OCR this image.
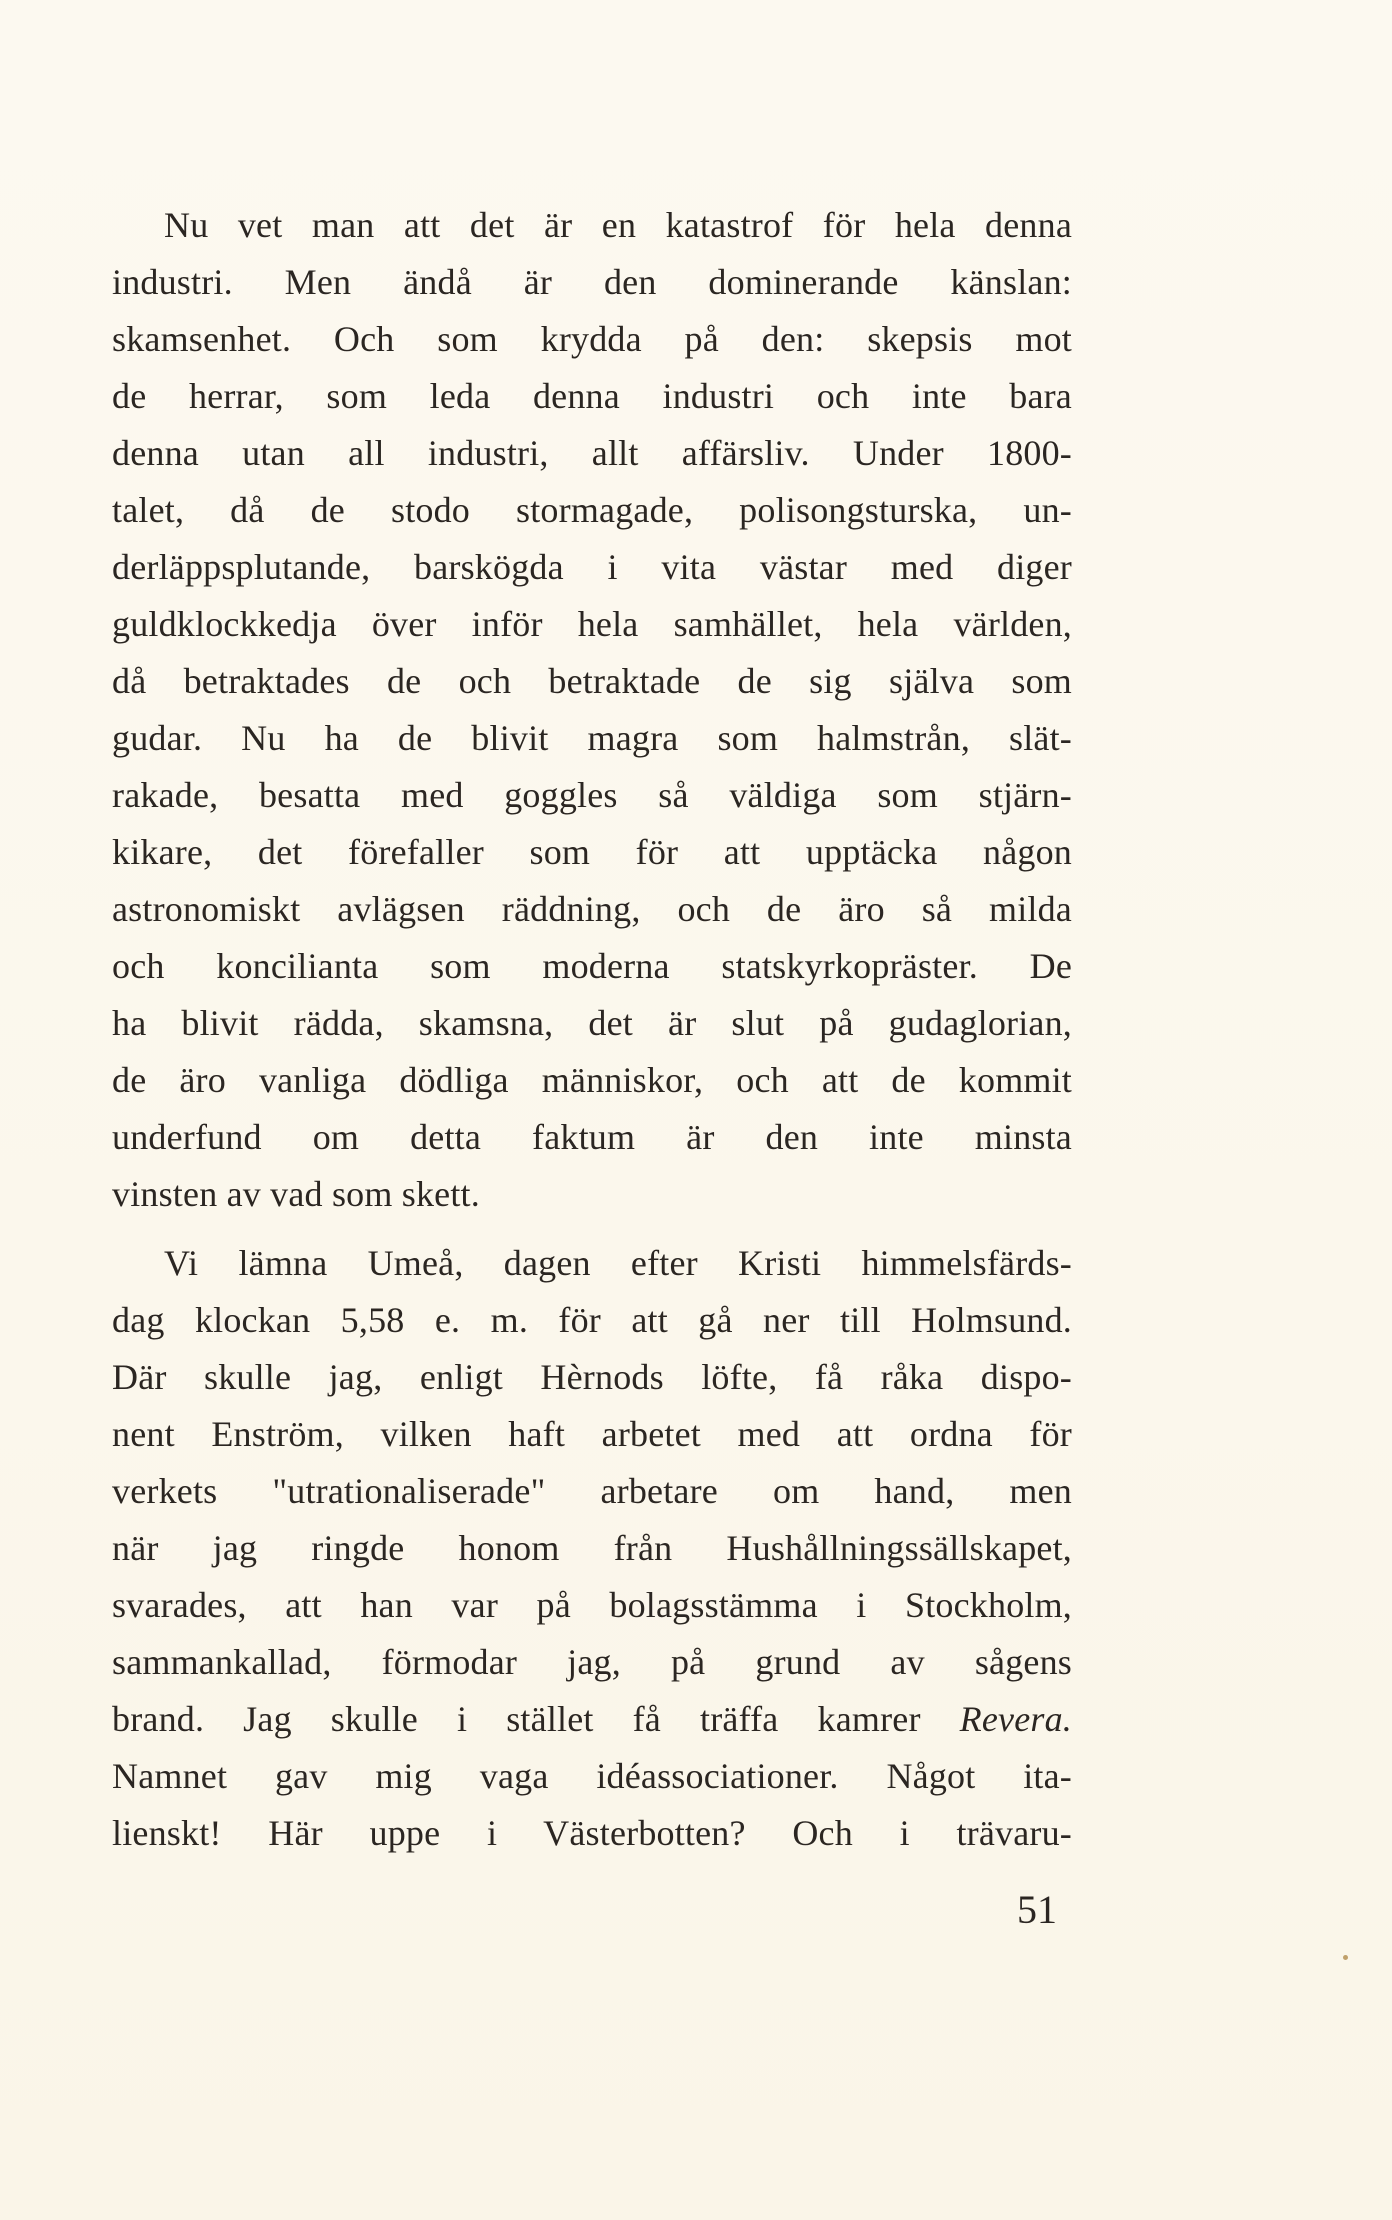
Nu vet man att det är en katastrof för hela denna
industri. Men ändå är den dominerande känslan:
skamsenhet. Och som krydda på den: skepsis mot
de herrar, som leda denna industri och inte bara
denna utan all industri, allt affärsliv. Under 1800-
talet, då de stodo stormagade, polisongsturska, un-
derläppsplutande, barskögda i vita västar med diger
guldklockkedja över inför hela samhället, hela världen,
då betraktades de och betraktade de sig själva som
gudar. Nu ha de blivit magra som halmstrån, slät-
rakade, besatta med goggles så väldiga som stjärn-
kikare, det förefaller som för att upptäcka någon
astronomiskt avlägsen räddning, och de äro så milda
och koncilianta som moderna statskyrkopräster. De
ha blivit rädda, skamsna, det är slut på gudaglorian,
de äro vanliga dödliga människor, och att de kommit
underfund om detta faktum är den inte minsta
vinsten av vad som skett.
Vi lämna Umeå, dagen efter Kristi himmelsfärds-
dag klockan 5,58 e. m. för att gå ner till Holmsund.
Där skulle jag, enligt Hèrnods löfte, få råka dispo-
nent Enström, vilken haft arbetet med att ordna för
verkets "utrationaliserade" arbetare om hand, men
när jag ringde honom från Hushållningssällskapet,
svarades, att han var på bolagsstämma i Stockholm,
sammankallad, förmodar jag, på grund av sågens
brand. Jag skulle i stället få träffa kamrer Revera.
Namnet gav mig vaga idéassociationer. Något ita-
lienskt! Här uppe i Västerbotten? Och i trävaru-
51
